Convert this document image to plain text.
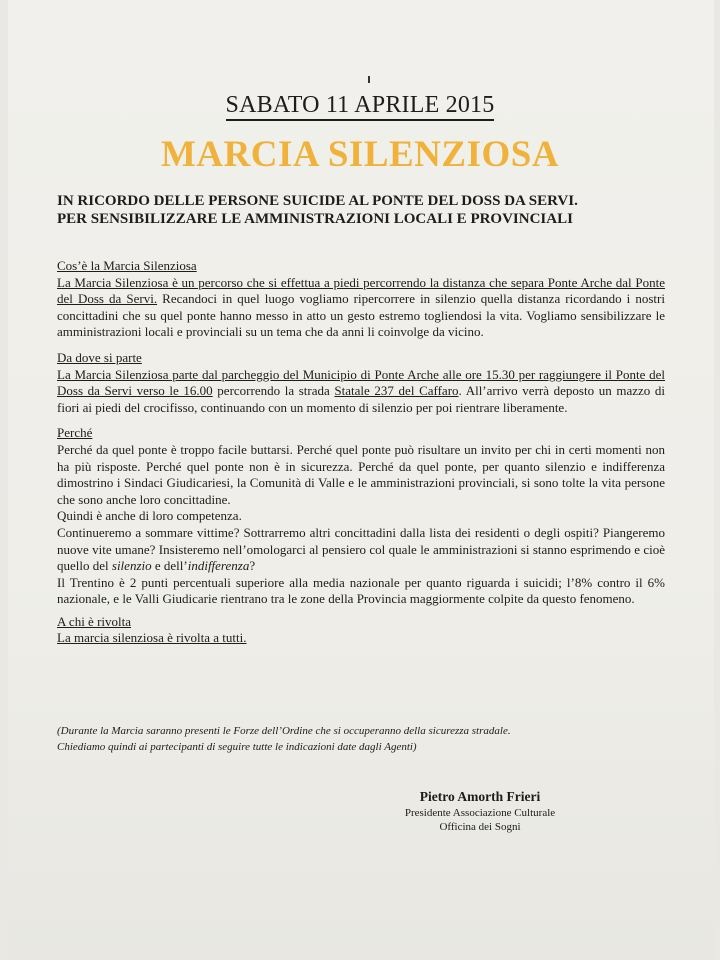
SABATO 11 APRILE 2015
MARCIA SILENZIOSA
IN RICORDO DELLE PERSONE SUICIDE AL PONTE DEL DOSS DA SERVI.
PER SENSIBILIZZARE LE AMMINISTRAZIONI LOCALI E PROVINCIALI
Cos’è la Marcia Silenziosa

La Marcia Silenziosa è un percorso che si effettua a piedi percorrendo la distanza che separa Ponte Arche dal Ponte del Doss da Servi. Recandoci in quel luogo vogliamo ripercorrere in silenzio quella distanza ricordando i nostri concittadini che su quel ponte hanno messo in atto un gesto estremo togliendosi la vita. Vogliamo sensibilizzare le amministrazioni locali e provinciali su un tema che da anni li coinvolge da vicino.

Da dove si parte

La Marcia Silenziosa parte dal parcheggio del Municipio di Ponte Arche alle ore 15.30 per raggiungere il Ponte del Doss da Servi verso le 16.00 percorrendo la strada Statale 237 del Caffaro. All’arrivo verrà deposto un mazzo di fiori ai piedi del crocifisso, continuando con un momento di silenzio per poi rientrare liberamente.

Perché

Perché da quel ponte è troppo facile buttarsi. Perché quel ponte può risultare un invito per chi in certi momenti non ha più risposte. Perché quel ponte non è in sicurezza. Perché da quel ponte, per quanto silenzio e indifferenza dimostrino i Sindaci Giudicariesi, la Comunità di Valle e le amministrazioni provinciali, si sono tolte la vita persone che sono anche loro concittadine.

Quindi è anche di loro competenza.

Continueremo a sommare vittime? Sottrarremo altri concittadini dalla lista dei residenti o degli ospiti? Piangeremo nuove vite umane? Insisteremo nell’omologarci al pensiero col quale le amministrazioni si stanno esprimendo e cioè quello del silenzio e dell’indifferenza?

Il Trentino è 2 punti percentuali superiore alla media nazionale per quanto riguarda i suicidi; l’8% contro il 6% nazionale, e le Valli Giudicarie rientrano tra le zone della Provincia maggiormente colpite da questo fenomeno.

A chi è rivolta

La marcia silenziosa è rivolta a tutti.

(Durante la Marcia saranno presenti le Forze dell’Ordine che si occuperanno della sicurezza stradale.
Chiediamo quindi ai partecipanti di seguire tutte le indicazioni date dagli Agenti)
Pietro Amorth Frieri
Presidente Associazione Culturale
Officina dei Sogni
